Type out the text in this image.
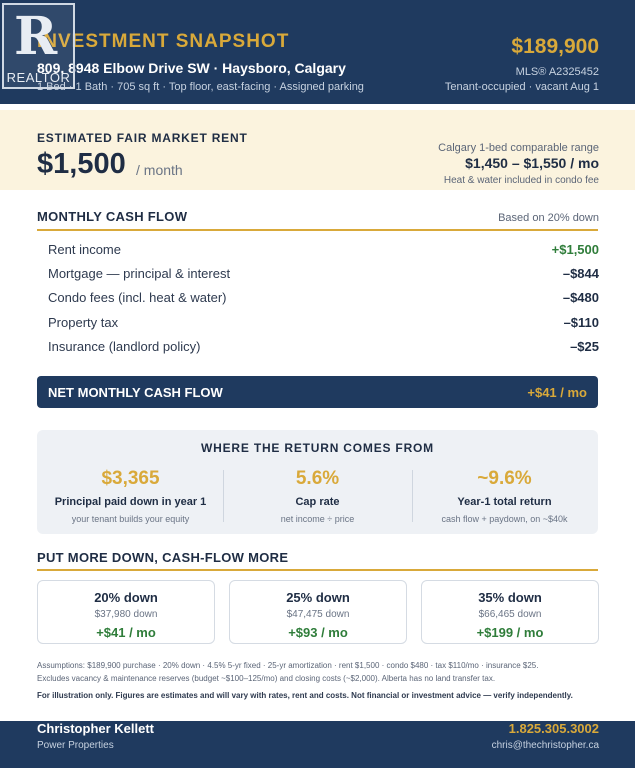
INVESTMENT SNAPSHOT
809, 8948 Elbow Drive SW · Haysboro, Calgary
1 Bed · 1 Bath · 705 sq ft · Top floor, east-facing · Assigned parking
$189,900
MLS® A2325452
Tenant-occupied · vacant Aug 1
R
REALTOR
ESTIMATED FAIR MARKET RENT
$1,500 / month
Calgary 1-bed comparable range
$1,450 – $1,550 / mo
Heat & water included in condo fee
MONTHLY CASH FLOW	Based on 20% down
Rent income	+$1,500
Mortgage — principal & interest	–$844
Condo fees (incl. heat & water)	–$480
Property tax	–$110
Insurance (landlord policy)	–$25
NET MONTHLY CASH FLOW	+$41 / mo
WHERE THE RETURN COMES FROM
$3,365
Principal paid down in year 1
your tenant builds your equity
5.6%
Cap rate
net income ÷ price
~9.6%
Year-1 total return
cash flow + paydown, on ~$40k
PUT MORE DOWN, CASH-FLOW MORE
20% down
$37,980 down
+$41 / mo
25% down
$47,475 down
+$93 / mo
35% down
$66,465 down
+$199 / mo
Assumptions: $189,900 purchase · 20% down · 4.5% 5-yr fixed · 25-yr amortization · rent $1,500 · condo $480 · tax $110/mo · insurance $25.
Excludes vacancy & maintenance reserves (budget ~$100–125/mo) and closing costs (~$2,000). Alberta has no land transfer tax.
For illustration only. Figures are estimates and will vary with rates, rent and costs. Not financial or investment advice — verify independently.
Christopher Kellett
Power Properties
1.825.305.3002
chris@thechristopher.ca
